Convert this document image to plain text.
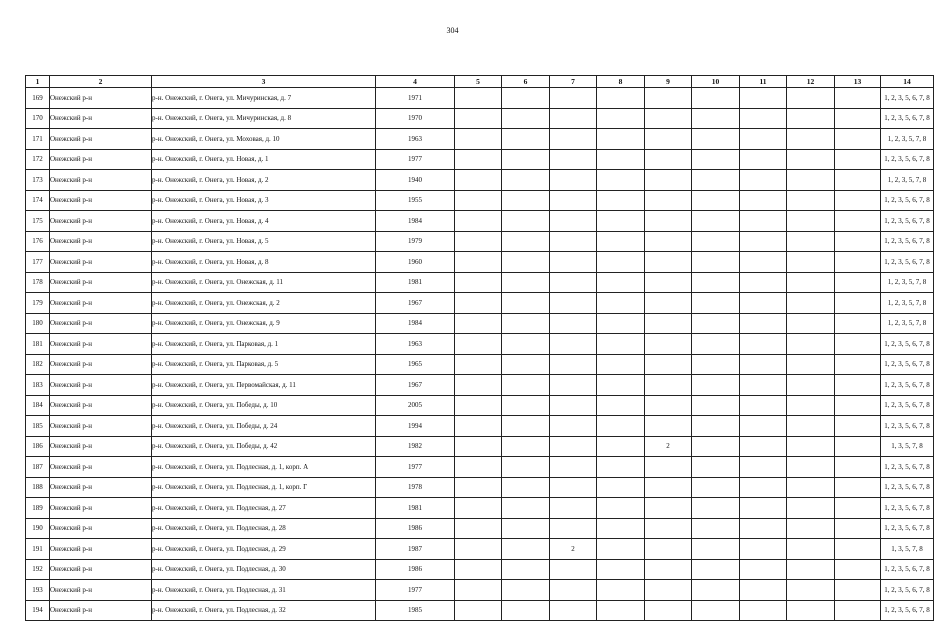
304
1	2	3	4	5	6	7	8	9	10	11	12	13	14
169	Онежский р-н	р-н. Онежский, г. Онега, ул. Мичуринская, д. 7	1971										1, 2, 3, 5, 6, 7, 8
170	Онежский р-н	р-н. Онежский, г. Онега, ул. Мичуринская, д. 8	1970										1, 2, 3, 5, 6, 7, 8
171	Онежский р-н	р-н. Онежский, г. Онега, ул. Моховая, д. 10	1963										1, 2, 3, 5, 7, 8
172	Онежский р-н	р-н. Онежский, г. Онега, ул. Новая, д. 1	1977										1, 2, 3, 5, 6, 7, 8
173	Онежский р-н	р-н. Онежский, г. Онега, ул. Новая, д. 2	1940										1, 2, 3, 5, 7, 8
174	Онежский р-н	р-н. Онежский, г. Онега, ул. Новая, д. 3	1955										1, 2, 3, 5, 6, 7, 8
175	Онежский р-н	р-н. Онежский, г. Онега, ул. Новая, д. 4	1984										1, 2, 3, 5, 6, 7, 8
176	Онежский р-н	р-н. Онежский, г. Онега, ул. Новая, д. 5	1979										1, 2, 3, 5, 6, 7, 8
177	Онежский р-н	р-н. Онежский, г. Онега, ул. Новая, д. 8	1960										1, 2, 3, 5, 6, 7, 8
178	Онежский р-н	р-н. Онежский, г. Онега, ул. Онежская, д. 11	1981										1, 2, 3, 5, 7, 8
179	Онежский р-н	р-н. Онежский, г. Онега, ул. Онежская, д. 2	1967										1, 2, 3, 5, 7, 8
180	Онежский р-н	р-н. Онежский, г. Онега, ул. Онежская, д. 9	1984										1, 2, 3, 5, 7, 8
181	Онежский р-н	р-н. Онежский, г. Онега, ул. Парковая, д. 1	1963										1, 2, 3, 5, 6, 7, 8
182	Онежский р-н	р-н. Онежский, г. Онега, ул. Парковая, д. 5	1965										1, 2, 3, 5, 6, 7, 8
183	Онежский р-н	р-н. Онежский, г. Онега, ул. Первомайская, д. 11	1967										1, 2, 3, 5, 6, 7, 8
184	Онежский р-н	р-н. Онежский, г. Онега, ул. Победы, д. 10	2005										1, 2, 3, 5, 6, 7, 8
185	Онежский р-н	р-н. Онежский, г. Онега, ул. Победы, д. 24	1994										1, 2, 3, 5, 6, 7, 8
186	Онежский р-н	р-н. Онежский, г. Онега, ул. Победы, д. 42	1982					2					1, 3, 5, 7, 8
187	Онежский р-н	р-н. Онежский, г. Онега, ул. Подлесная, д. 1, корп. А	1977										1, 2, 3, 5, 6, 7, 8
188	Онежский р-н	р-н. Онежский, г. Онега, ул. Подлесная, д. 1, корп. Г	1978										1, 2, 3, 5, 6, 7, 8
189	Онежский р-н	р-н. Онежский, г. Онега, ул. Подлесная, д. 27	1981										1, 2, 3, 5, 6, 7, 8
190	Онежский р-н	р-н. Онежский, г. Онега, ул. Подлесная, д. 28	1986										1, 2, 3, 5, 6, 7, 8
191	Онежский р-н	р-н. Онежский, г. Онега, ул. Подлесная, д. 29	1987			2							1, 3, 5, 7, 8
192	Онежский р-н	р-н. Онежский, г. Онега, ул. Подлесная, д. 30	1986										1, 2, 3, 5, 6, 7, 8
193	Онежский р-н	р-н. Онежский, г. Онега, ул. Подлесная, д. 31	1977										1, 2, 3, 5, 6, 7, 8
194	Онежский р-н	р-н. Онежский, г. Онега, ул. Подлесная, д. 32	1985										1, 2, 3, 5, 6, 7, 8
